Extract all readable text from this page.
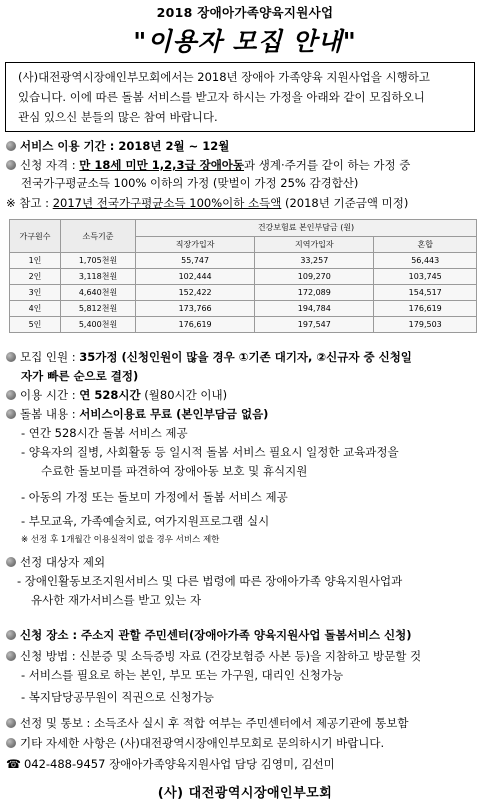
2018 장애아가족양육지원사업
"이용자 모집 안내"
(사)대전광역시장애인부모회에서는 2018년 장애아 가족양육 지원사업을 시행하고
있습니다. 이에 따른 돌봄 서비스를 받고자 하시는 가정을 아래와 같이 모집하오니
관심 있으신 분들의 많은 참여 바랍니다.
서비스 이용 기간 : 2018년 2월 ~ 12월
신청 자격 : 만 18세 미만 1,2,3급 장애아동과 생계·주거를 같이 하는 가정 중
전국가구평균소득 100% 이하의 가정 (맞벌이 가정 25% 감경합산)
※ 참고 : 2017년 전국가구평균소득 100%이하 소득액 (2018년 기준금액 미정)
가구원수	소득기준	건강보험료 본인부담금 (원)		
		직장가입자	지역가입자	혼합
1인	1,705천원	55,747	33,257	56,443
2인	3,118천원	102,444	109,270	103,745
3인	4,640천원	152,422	172,089	154,517
4인	5,812천원	173,766	194,784	176,619
5인	5,400천원	176,619	197,547	179,503
모집 인원 : 35가정 (신청인원이 많을 경우 ①기존 대기자, ②신규자 중 신청일
자가 빠른 순으로 결정)
이용 시간 : 연 528시간 (월80시간 이내)
돌봄 내용 : 서비스이용료 무료 (본인부담금 없음)
- 연간 528시간 돌봄 서비스 제공
- 양육자의 질병, 사회활동 등 일시적 돌봄 서비스 필요시 일정한 교육과정을
수료한 돌보미를 파견하여 장애아동 보호 및 휴식지원
- 아동의 가정 또는 돌보미 가정에서 돌봄 서비스 제공
- 부모교육, 가족예술치료, 여가지원프로그램 실시
※ 선정 후 1개월간 이용실적이 없을 경우 서비스 제한
선정 대상자 제외
- 장애인활동보조지원서비스 및 다른 법령에 따른 장애아가족 양육지원사업과
유사한 재가서비스를 받고 있는 자
신청 장소 : 주소지 관할 주민센터(장애아가족 양육지원사업 돌봄서비스 신청)
신청 방법 : 신분증 및 소득증빙 자료 (건강보험증 사본 등)을 지참하고 방문할 것
- 서비스를 필요로 하는 본인, 부모 또는 가구원, 대리인 신청가능
- 복지담당공무원이 직권으로 신청가능
선정 및 통보 : 소득조사 실시 후 적합 여부는 주민센터에서 제공기관에 통보함
기타 자세한 사항은 (사)대전광역시장애인부모회로 문의하시기 바랍니다.
☎ 042-488-9457 장애아가족양육지원사업 담당 김영미, 김선미
(사) 대전광역시장애인부모회
